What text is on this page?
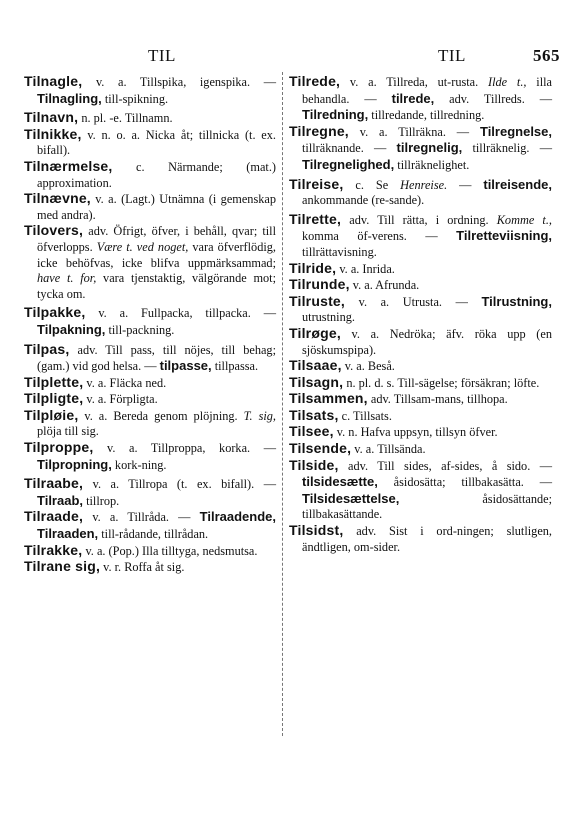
TIL	TIL	565

Tilnagle, v. a. Tillspika, igenspika. — Tilnagling, till-spikning.

Tilnavn, n. pl. -e. Tillnamn.

Tilnikke, v. n. o. a. Nicka åt; tillnicka (t. ex. bifall).

Tilnærmelse, c. Närmande; (mat.) approximation.

Tilnævne, v. a. (Lagt.) Utnämna (i gemenskap med andra).

Tilovers, adv. Öfrigt, öfver, i behåll, qvar; till öfverlopps. Være t. ved noget, vara öfverflödig, icke behöfvas, icke blifva uppmärksammad; have t. for, vara tjenstaktig, välgörande mot; tycka om.

Tilpakke, v. a. Fullpacka, tillpacka. — Tilpakning, till-packning.

Tilpas, adv. Till pass, till nöjes, till behag; (gam.) vid god helsa. — tilpasse, tillpassa.

Tilplette, v. a. Fläcka ned.

Tilpligte, v. a. Förpligta.

Tilpløie, v. a. Bereda genom plöjning. T. sig, plöja till sig.

Tilproppe, v. a. Tillproppa, korka. — Tilpropning, kork-ning.

Tilraabe, v. a. Tillropa (t. ex. bifall). — Tilraab, tillrop.

Tilraade, v. a. Tillråda. — Tilraadende, Tilraaden, till-rådande, tillrådan.

Tilrakke, v. a. (Pop.) Illa tilltyga, nedsmutsa.

Tilrane sig, v. r. Roffa åt sig.

Tilrede, v. a. Tillreda, ut-rusta. Ilde t., illa behandla. — tilrede, adv. Tillreds. — Tilredning, tillredande, tillredning.

Tilregne, v. a. Tillräkna. — Tilregnelse, tillräknande. — tilregnelig, tillräknelig. — Tilregnelighed, tillräknelighet.

Tilreise, c. Se Henreise. — tilreisende, ankommande (re-sande).

Tilrette, adv. Till rätta, i ordning. Komme t., komma öf-verens. — Tilretteviisning, tillrättavisning.

Tilride, v. a. Inrida.

Tilrunde, v. a. Afrunda.

Tilruste, v. a. Utrusta. — Tilrustning, utrustning.

Tilrøge, v. a. Nedröka; äfv. röka upp (en sjöskumspipa).

Tilsaae, v. a. Beså.

Tilsagn, n. pl. d. s. Till-sägelse; försäkran; löfte.

Tilsammen, adv. Tillsam-mans, tillhopa.

Tilsats, c. Tillsats.

Tilsee, v. n. Hafva uppsyn, tillsyn öfver.

Tilsende, v. a. Tillsända.

Tilside, adv. Till sides, af-sides, å sido. — tilsidesætte, åsidosätta; tillbakasätta. — Tilsidesættelse, åsidosättande; tillbakasättande.

Tilsidst, adv. Sist i ord-ningen; slutligen, ändtligen, om-sider.
